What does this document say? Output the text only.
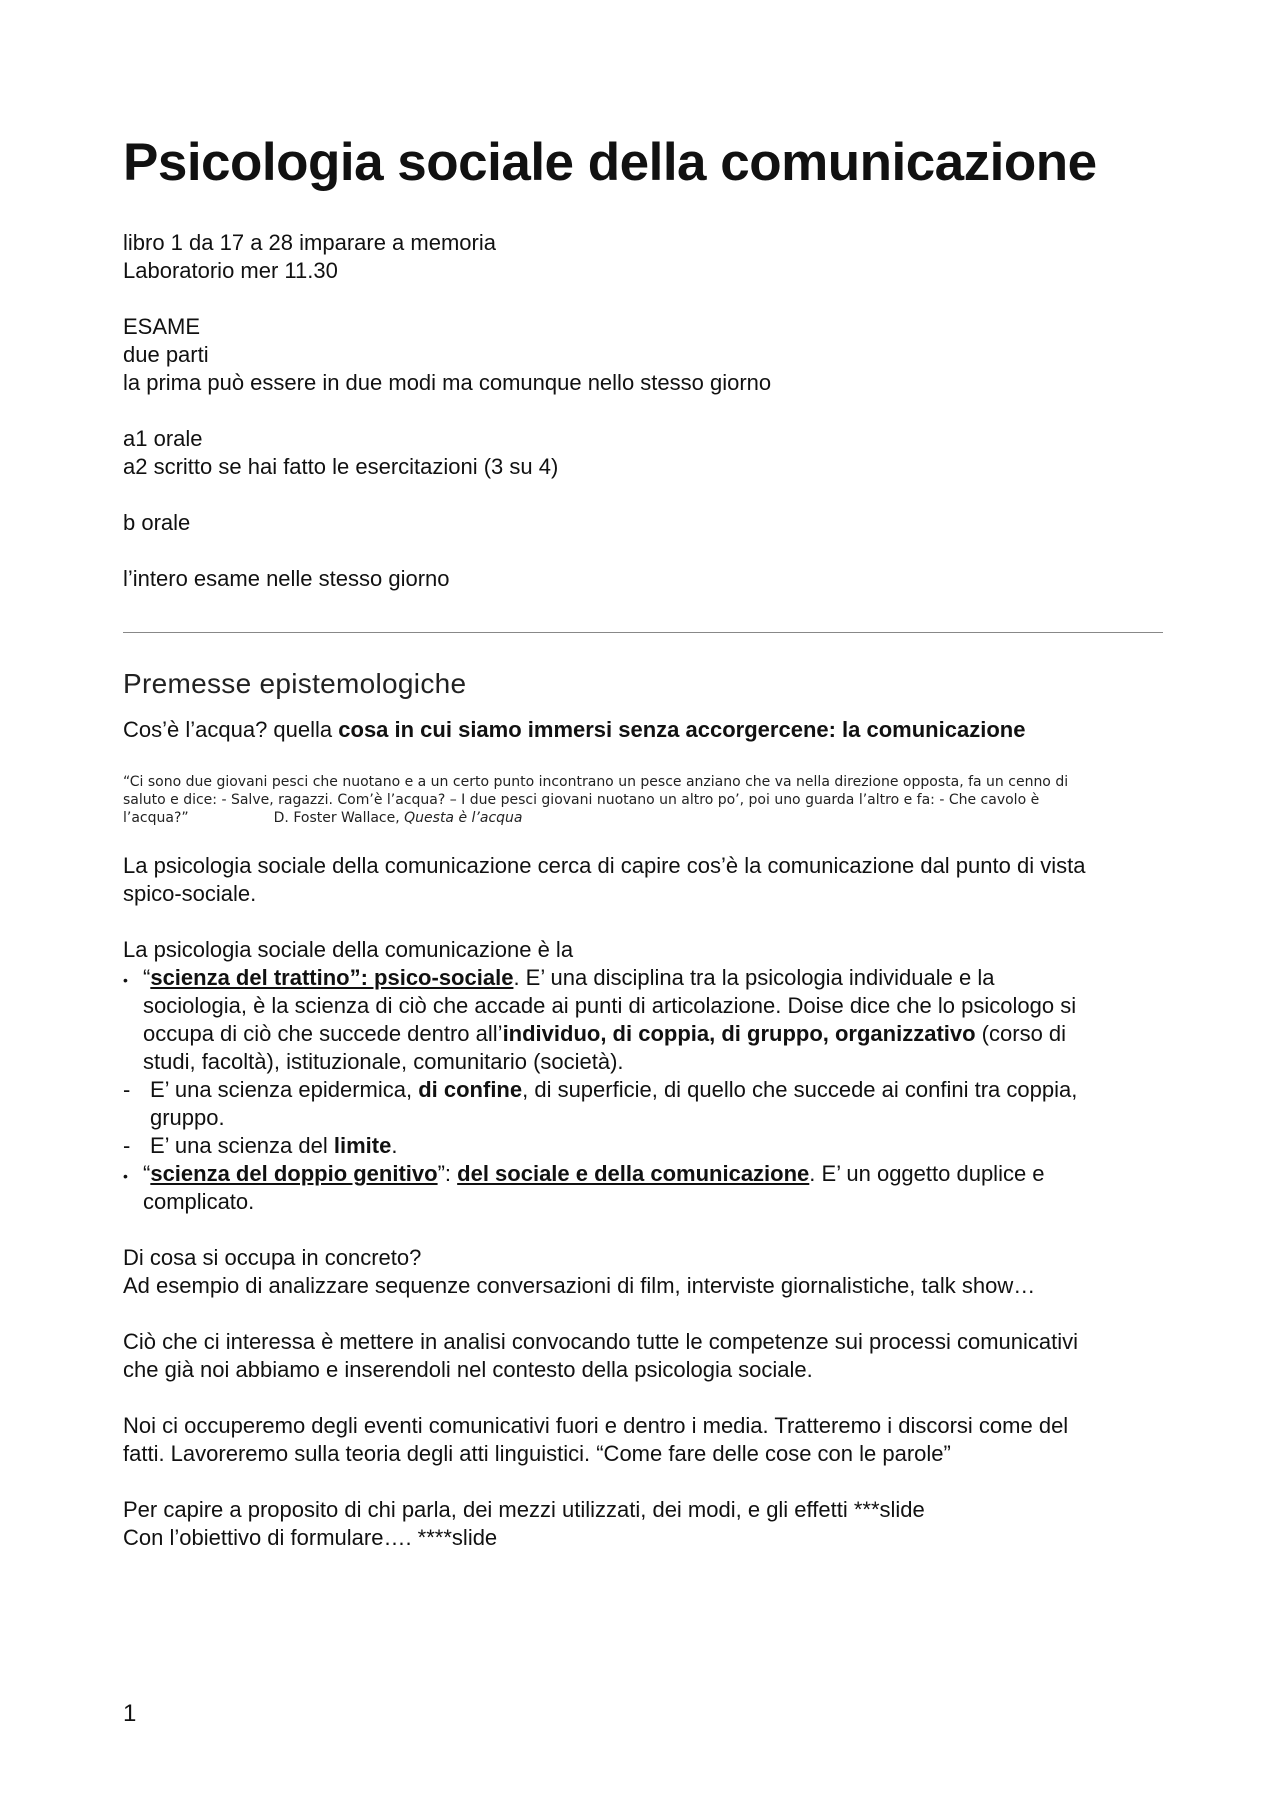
Psicologia sociale della comunicazione
libro 1 da 17 a 28 imparare a memoria
Laboratorio mer 11.30
ESAME
due parti
la prima può essere in due modi ma comunque nello stesso giorno
a1 orale
a2 scritto se hai fatto le esercitazioni (3 su 4)
b orale
l’intero esame nelle stesso giorno
Premesse epistemologiche
Cos’è l’acqua? quella cosa in cui siamo immersi senza accorgercene: la comunicazione
“Ci sono due giovani pesci che nuotano e a un certo punto incontrano un pesce anziano che va nella direzione opposta, fa un cenno di
saluto e dice: - Salve, ragazzi. Com’è l’acqua? – I due pesci giovani nuotano un altro po’, poi uno guarda l’altro e fa: - Che cavolo è
l’acqua?”	D. Foster Wallace, Questa è l’acqua
La psicologia sociale della comunicazione cerca di capire cos’è la comunicazione dal punto di vista
spico-sociale.
La psicologia sociale della comunicazione è la
• “scienza del trattino”: psico-sociale. E’ una disciplina tra la psicologia individuale e la
sociologia, è la scienza di ciò che accade ai punti di articolazione. Doise dice che lo psicologo si
occupa di ciò che succede dentro all’individuo, di coppia, di gruppo, organizzativo (corso di
studi, facoltà), istituzionale, comunitario (società).
- E’ una scienza epidermica, di confine, di superficie, di quello che succede ai confini tra coppia,
gruppo.
- E’ una scienza del limite.
• “scienza del doppio genitivo”: del sociale e della comunicazione. E’ un oggetto duplice e
complicato.
Di cosa si occupa in concreto?
Ad esempio di analizzare sequenze conversazioni di film, interviste giornalistiche, talk show…
Ciò che ci interessa è mettere in analisi convocando tutte le competenze sui processi comunicativi
che già noi abbiamo e inserendoli nel contesto della psicologia sociale.
Noi ci occuperemo degli eventi comunicativi fuori e dentro i media. Tratteremo i discorsi come del
fatti. Lavoreremo sulla teoria degli atti linguistici. “Come fare delle cose con le parole”
Per capire a proposito di chi parla, dei mezzi utilizzati, dei modi, e gli effetti ***slide
Con l’obiettivo di formulare…. ****slide
1
